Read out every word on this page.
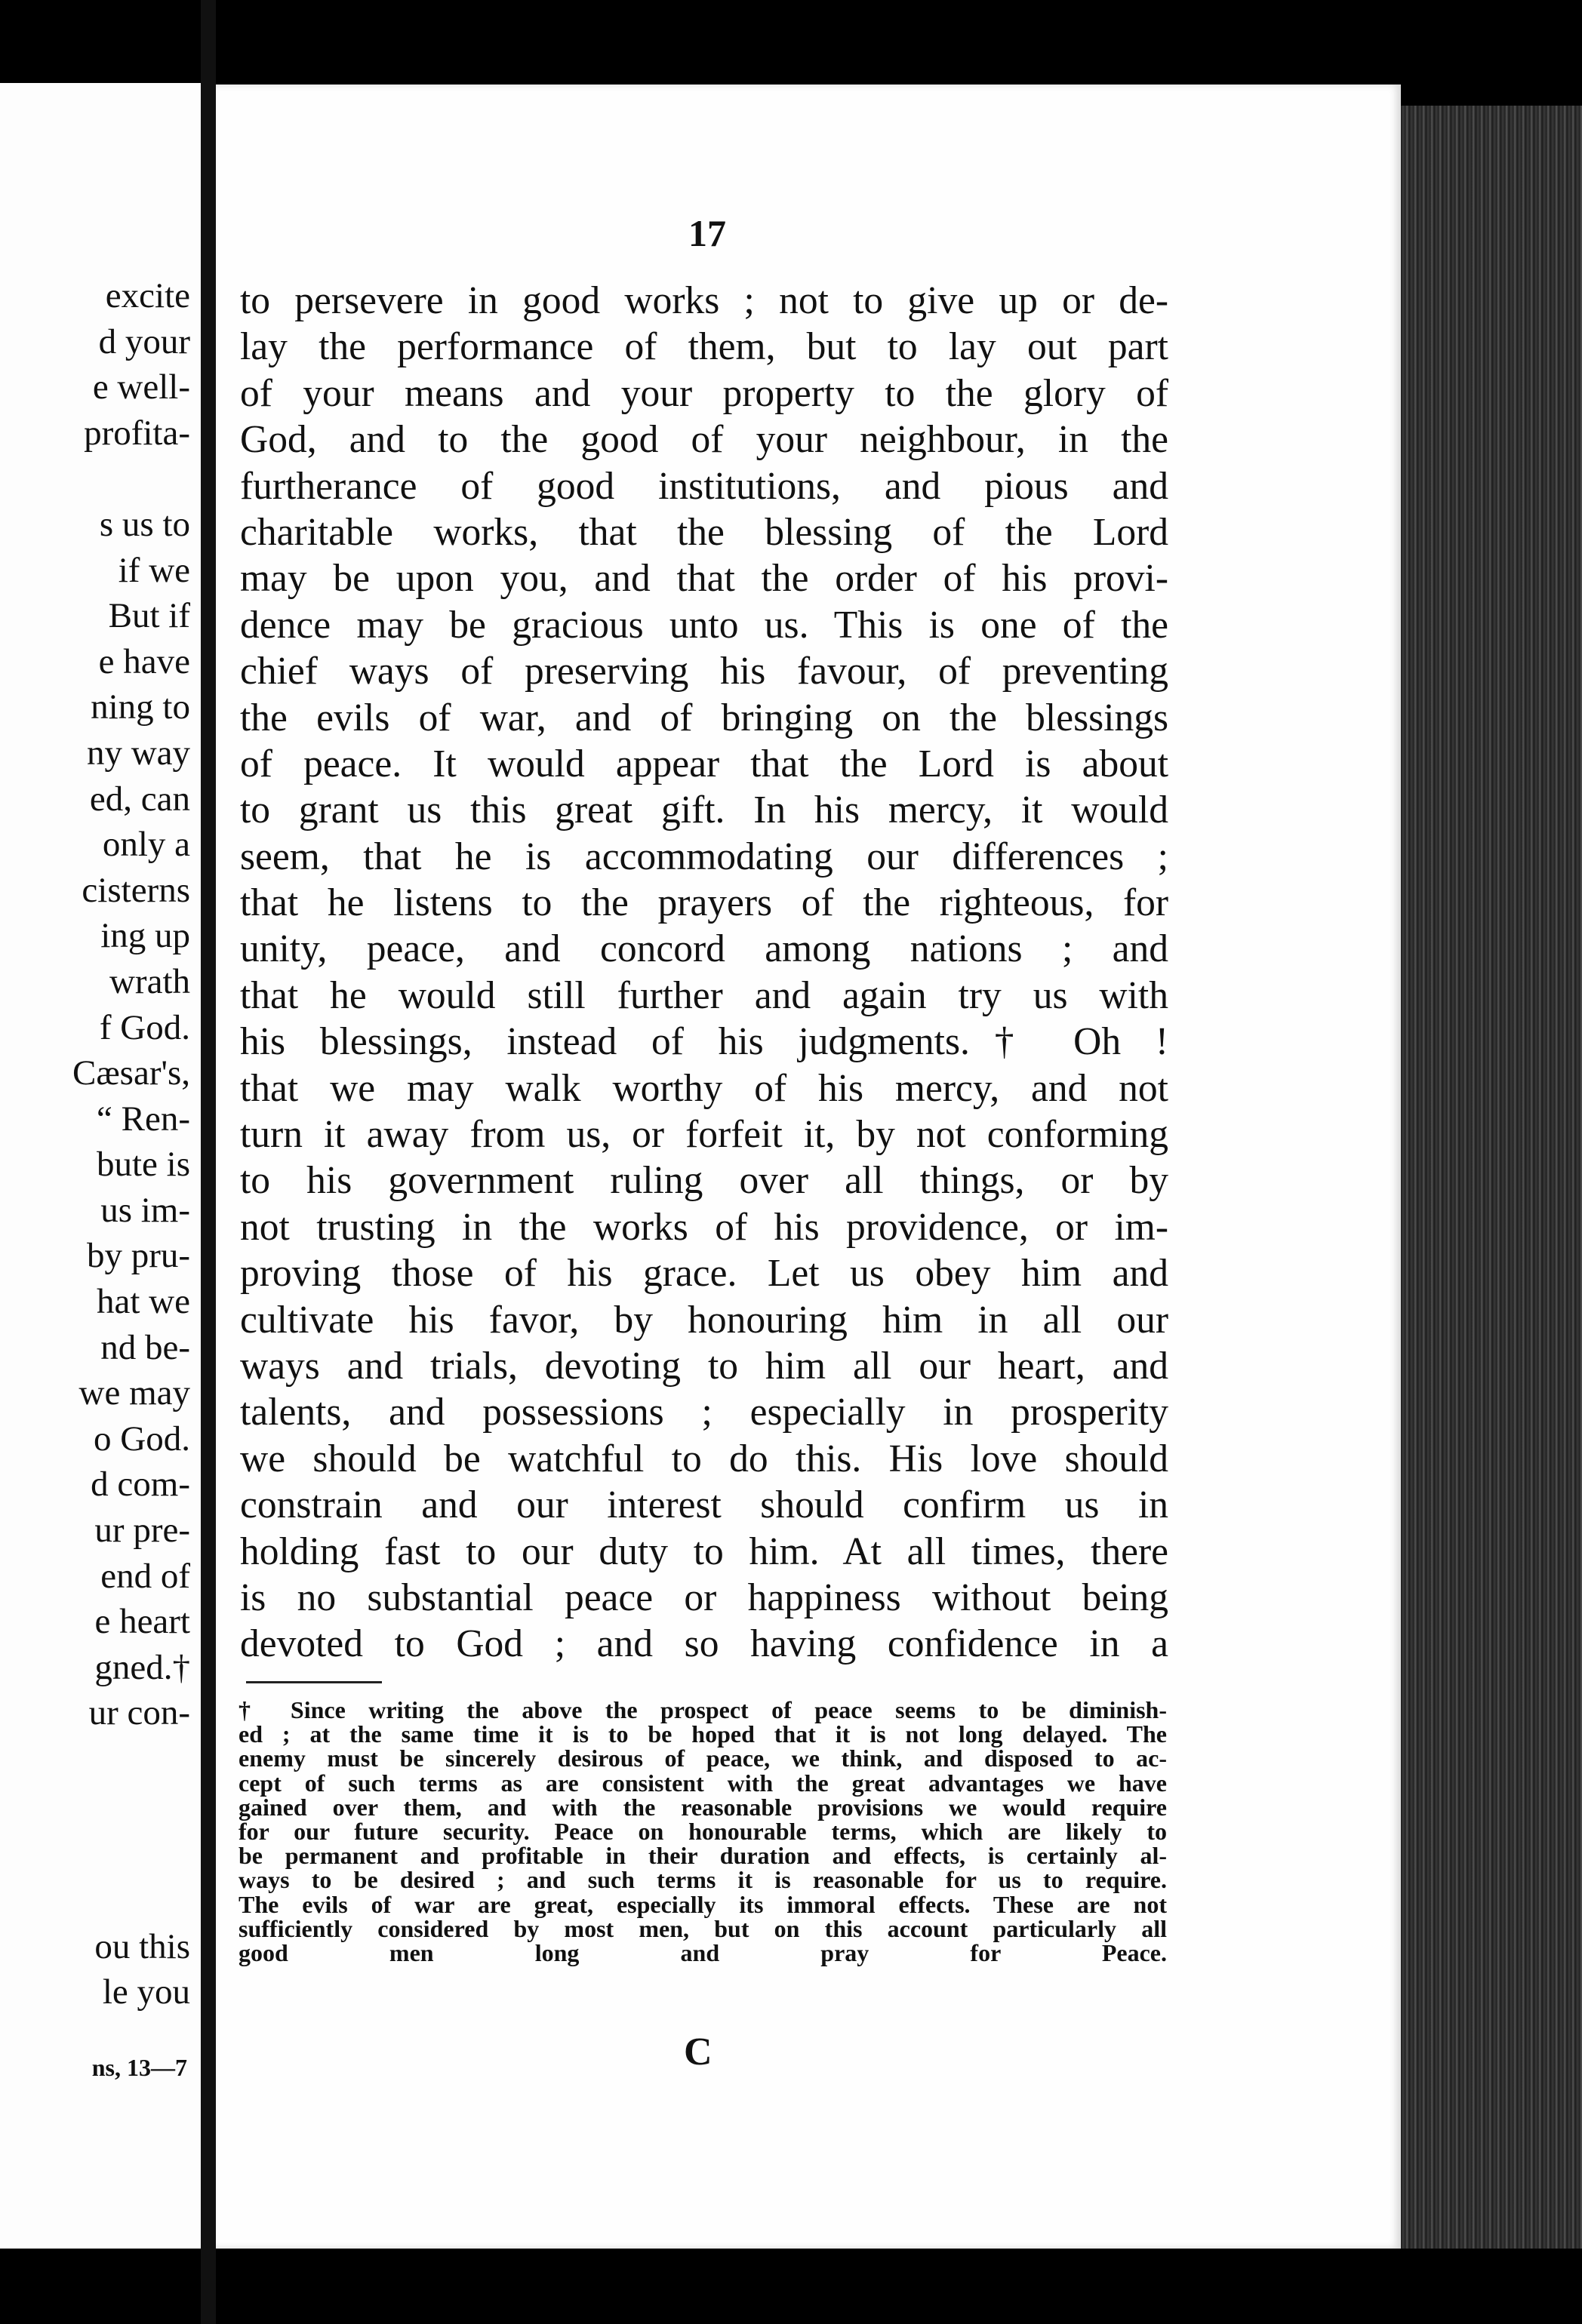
excite
d your
e well-
profita-

s us to
if we
But if
e have
ning to
ny way
ed, can
only a
cisterns
ing up
wrath
f God.
Cæsar's,
“ Ren-
bute is
us im-
by pru-
hat we
nd be-
we may
o God.
d com-
ur pre-
end of
e heart
gned.†
ur con-

ou this
le you

ns, 13—7
17
to persevere in good works ; not to give up or de-
lay the performance of them, but to lay out part
of your means and your property to the glory of
God, and to the good of your neighbour, in the
furtherance of good institutions, and pious and
charitable works, that the blessing of the Lord
may be upon you, and that the order of his provi-
dence may be gracious unto us. This is one of the
chief ways of preserving his favour, of preventing
the evils of war, and of bringing on the blessings
of peace. It would appear that the Lord is about
to grant us this great gift. In his mercy, it would
seem, that he is accommodating our differences ;
that he listens to the prayers of the righteous, for
unity, peace, and concord among nations ; and
that he would still further and again try us with
his blessings, instead of his judgments.† Oh !
that we may walk worthy of his mercy, and not
turn it away from us, or forfeit it, by not conforming
to his government ruling over all things, or by
not trusting in the works of his providence, or im-
proving those of his grace. Let us obey him and
cultivate his favor, by honouring him in all our
ways and trials, devoting to him all our heart, and
talents, and possessions ; especially in prosperity
we should be watchful to do this. His love should
constrain and our interest should confirm us in
holding fast to our duty to him. At all times, there
is no substantial peace or happiness without being
devoted to God ; and so having confidence in a
† Since writing the above the prospect of peace seems to be diminish-
ed ; at the same time it is to be hoped that it is not long delayed. The
enemy must be sincerely desirous of peace, we think, and disposed to ac-
cept of such terms as are consistent with the great advantages we have
gained over them, and with the reasonable provisions we would require
for our future security. Peace on honourable terms, which are likely to
be permanent and profitable in their duration and effects, is certainly al-
ways to be desired ; and such terms it is reasonable for us to require.
The evils of war are great, especially its immoral effects. These are not
sufficiently considered by most men, but on this account particularly all
good men long and pray for Peace.
C
